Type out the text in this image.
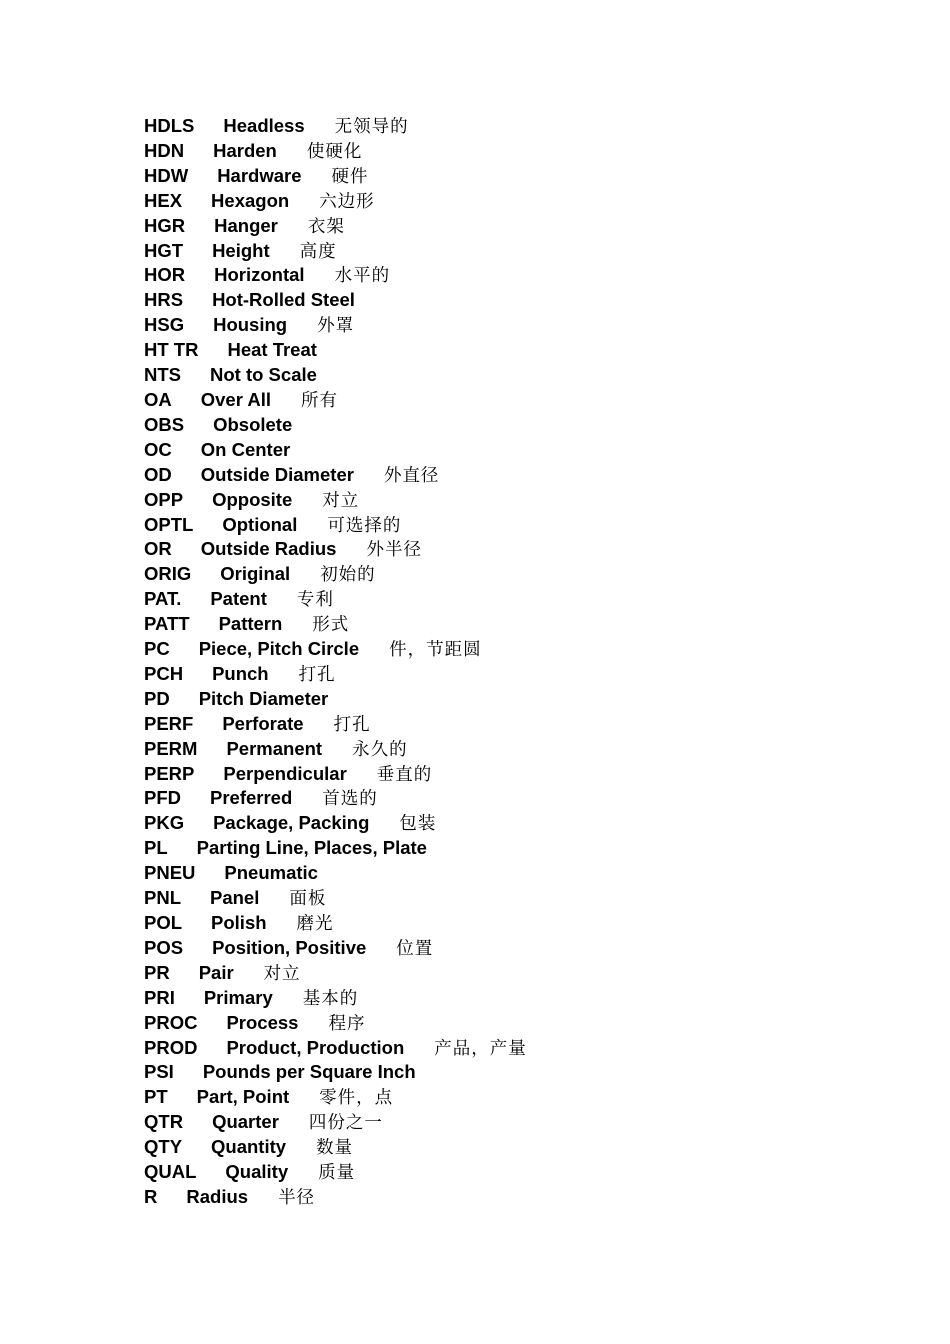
HDLS Headless 无领导的
HDN Harden 使硬化
HDW Hardware 硬件
HEX Hexagon 六边形
HGR Hanger 衣架
HGT Height 高度
HOR Horizontal 水平的
HRS Hot-Rolled Steel
HSG Housing 外罩
HT TR Heat Treat
NTS Not to Scale
OA Over All 所有
OBS Obsolete
OC On Center
OD Outside Diameter 外直径
OPP Opposite 对立
OPTL Optional 可选择的
OR Outside Radius 外半径
ORIG Original 初始的
PAT. Patent 专利
PATT Pattern 形式
PC Piece, Pitch Circle 件，节距圆
PCH Punch 打孔
PD Pitch Diameter
PERF Perforate 打孔
PERM Permanent 永久的
PERP Perpendicular 垂直的
PFD Preferred 首选的
PKG Package, Packing 包装
PL Parting Line, Places, Plate
PNEU Pneumatic
PNL Panel 面板
POL Polish 磨光
POS Position, Positive 位置
PR Pair 对立
PRI Primary 基本的
PROC Process 程序
PROD Product, Production 产品，产量
PSI Pounds per Square Inch
PT Part, Point 零件，点
QTR Quarter 四份之一
QTY Quantity 数量
QUAL Quality 质量
R Radius 半径
